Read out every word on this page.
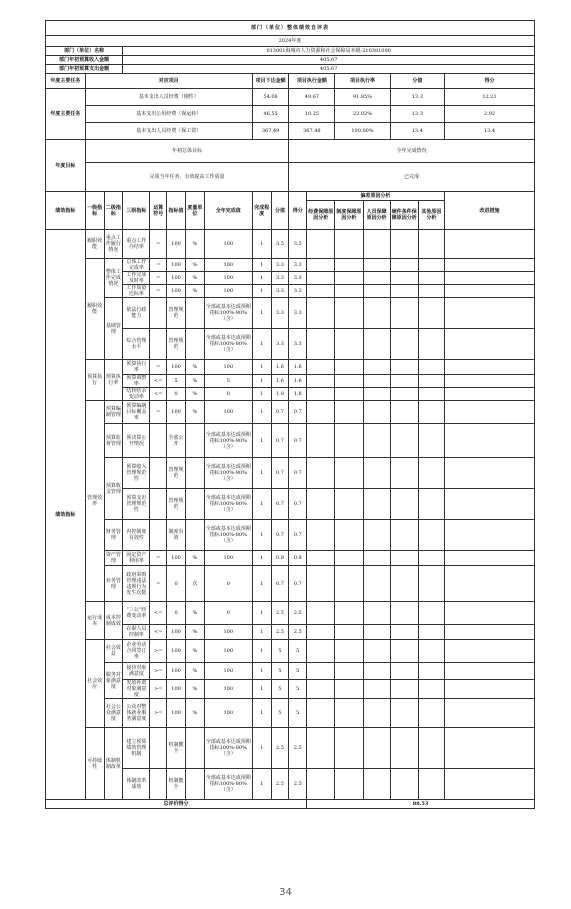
部门（单位）整体绩效自评表																
2024年度																
部门（单位）名称			013001海城市人力资源和社会保障局本级-210381000													
部门年初预算收入金额			405.67													
部门年初预算支出金额			405.67													
年度主要任务	对应项目							项目下达金额		项目执行金额		项目执行率		分值		得分
年度主要任务	基本支出人员经费（刚性）							54.08		49.67		91.85%		13.3		12.21
	基本支出公用经费（保运转）							46.55		10.25		22.02%		13.3		2.92
	基本支出人员经费（保工资）							367.49		367.48		100.00%		13.4		13.4
年度目标	年初总体目标									全年完成情况						
	完成当年任务，有效提高工作质量									已完成						
绩效指标	一级指标	二级指标	三级指标	运算符号	指标值	度量单位	全年完成值	完成程度	分值	得分	偏差原因分析					改进措施
											经费保障原因分析	制度保障原因分析	人员保障原因分析	硬件条件保障原因分析	其他原因分析	
绩效指标	履职效能	重点工作履行情况	重点工作办结率	=	100	%	100	1	3.5	3.5						
	履职效能	整体工作完成情况	总体工作完成率	=	100	%	100	1	3.3	3.3						
			工作完成及时率	=	100	%	100	1	3.3	3.3						
			工作质量达标率	=	100	%	100	1	3.3	3.3						
		基础管理	依法行政能力		管理规范		全部或基本达成预期指标100%-80%（含）	1	3.3	3.3						
			综合管理水平		管理规范		全部或基本达成预期指标100%-80%（含）	1	3.3	3.3						
	预算执行	预算执行率	预算执行率	=	100	%	100	1	1.6	1.6						
			预算调整率	<=	5	%	5	1	1.6	1.6						
			结转结余变动率	<=	0	%	0	1	1.8	1.8						
	管理效率	预算编制管理	预算编制目标覆盖率	=	100	%	100	1	0.7	0.7						
		预算监督管理	预决算公开情况		全部公开		全部或基本达成预期指标100%-80%（含）	1	0.7	0.7						
		预算收支管理	预算收入管理规范性		管理规范		全部或基本达成预期指标100%-80%（含）	1	0.7	0.7						
			预算支出管理规范性		管理规范		全部或基本达成预期指标100%-80%（含）	1	0.7	0.7						
		财务管理	内控制度有效性		制度有效		全部或基本达成预期指标100%-80%（含）	1	0.7	0.7						
		资产管理	固定资产利用率	=	100	%	100	1	0.8	0.8						
		业务管理	政府采购管理违法违规行为发生次数	=	0	次	0	1	0.7	0.7						
	运行成本	成本控制成效	“三公”经费变动率	<=	0	%	0	1	2.5	2.5						
			在职人员控制率	<=	100	%	100	1	2.5	2.5						
	社会效应	社会效益	企业劳动合同签订率	>=	100	%	100	1	5	5						
		服务对象满意度	接待对象满意度	>=	100	%	100	1	5	5						
			发放补助对象满意度	>=	100	%	100	1	5	5						
		社会公众满意度	公众对整体就业服务满意度	>=	100	%	100	1	5	5						
	可持续性	体制机制改革	建立预算绩效管理机制		机制健全		全部或基本达成预期指标100%-80%（含）	1	2.5	2.5						
			体制改革成效		机制健全		全部或基本达成预期指标100%-80%（含）	1	2.5	2.5						
总评价得分											88.53					
34
